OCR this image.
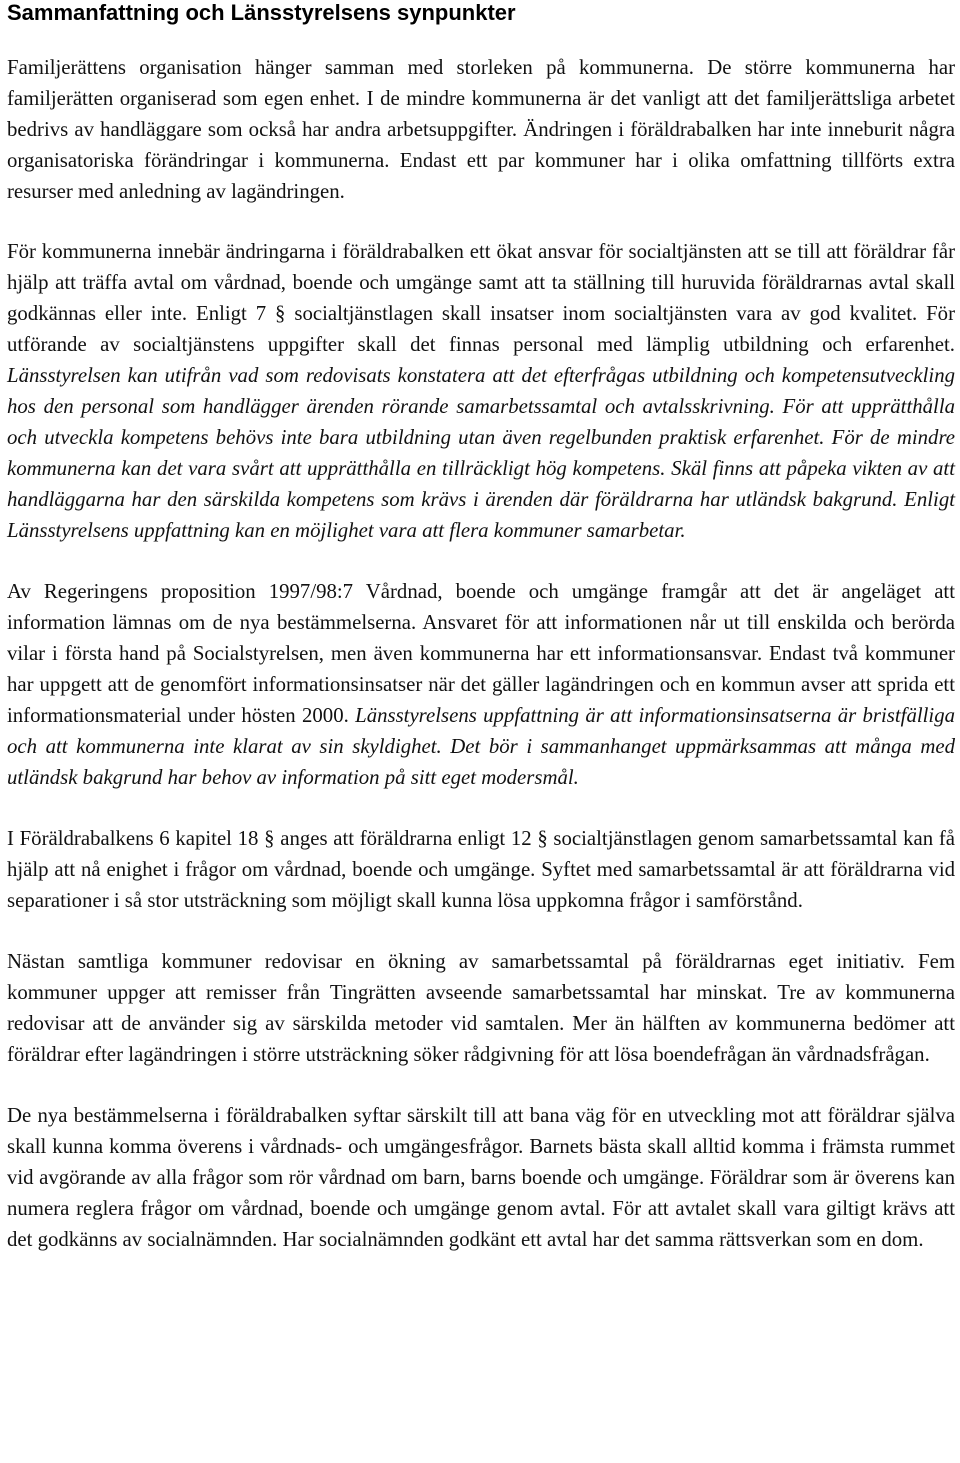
Sammanfattning och Länsstyrelsens synpunkter

Familjerättens organisation hänger samman med storleken på kommunerna. De större kommunerna har familjerätten organiserad som egen enhet. I de mindre kommunerna är det vanligt att det familjerättsliga arbetet bedrivs av handläggare som också har andra arbetsuppgifter. Ändringen i föräldrabalken har inte inneburit några organisatoriska förändringar i kommunerna. Endast ett par kommuner har i olika omfattning tillförts extra resurser med anledning av lagändringen.

För kommunerna innebär ändringarna i föräldrabalken ett ökat ansvar för socialtjänsten att se till att föräldrar får hjälp att träffa avtal om vårdnad, boende och umgänge samt att ta ställning till huruvida föräldrarnas avtal skall godkännas eller inte. Enligt 7 § socialtjänstlagen skall insatser inom socialtjänsten vara av god kvalitet. För utförande av socialtjänstens uppgifter skall det finnas personal med lämplig utbildning och erfarenhet. Länsstyrelsen kan utifrån vad som redovisats konstatera att det efterfrågas utbildning och kompetensutveckling hos den personal som handlägger ärenden rörande samarbetssamtal och avtalsskrivning. För att upprätthålla och utveckla kompetens behövs inte bara utbildning utan även regelbunden praktisk erfarenhet. För de mindre kommunerna kan det vara svårt att upprätthålla en tillräckligt hög kompetens. Skäl finns att påpeka vikten av att handläggarna har den särskilda kompetens som krävs i ärenden där föräldrarna har utländsk bakgrund. Enligt Länsstyrelsens uppfattning kan en möjlighet vara att flera kommuner samarbetar.

Av Regeringens proposition 1997/98:7 Vårdnad, boende och umgänge framgår att det är angeläget att information lämnas om de nya bestämmelserna. Ansvaret för att informationen når ut till enskilda och berörda vilar i första hand på Socialstyrelsen, men även kommunerna har ett informationsansvar. Endast två kommuner har uppgett att de genomfört informationsinsatser när det gäller lagändringen och en kommun avser att sprida ett informationsmaterial under hösten 2000. Länsstyrelsens uppfattning är att informationsinsatserna är bristfälliga och att kommunerna inte klarat av sin skyldighet. Det bör i sammanhanget uppmärksammas att många med utländsk bakgrund har behov av information på sitt eget modersmål.

I Föräldrabalkens 6 kapitel 18 § anges att föräldrarna enligt 12 § socialtjänstlagen genom samarbetssamtal kan få hjälp att nå enighet i frågor om vårdnad, boende och umgänge. Syftet med samarbetssamtal är att föräldrarna vid separationer i så stor utsträckning som möjligt skall kunna lösa uppkomna frågor i samförstånd.

Nästan samtliga kommuner redovisar en ökning av samarbetssamtal på föräldrarnas eget initiativ. Fem kommuner uppger att remisser från Tingrätten avseende samarbetssamtal har minskat. Tre av kommunerna redovisar att de använder sig av särskilda metoder vid samtalen. Mer än hälften av kommunerna bedömer att föräldrar efter lagändringen i större utsträckning söker rådgivning för att lösa boendefrågan än vårdnadsfrågan.

De nya bestämmelserna i föräldrabalken syftar särskilt till att bana väg för en utveckling mot att föräldrar själva skall kunna komma överens i vårdnads- och umgängesfrågor. Barnets bästa skall alltid komma i främsta rummet vid avgörande av alla frågor som rör vårdnad om barn, barns boende och umgänge. Föräldrar som är överens kan numera reglera frågor om vårdnad, boende och umgänge genom avtal. För att avtalet skall vara giltigt krävs att det godkänns av socialnämnden. Har socialnämnden godkänt ett avtal har det samma rättsverkan som en dom.
